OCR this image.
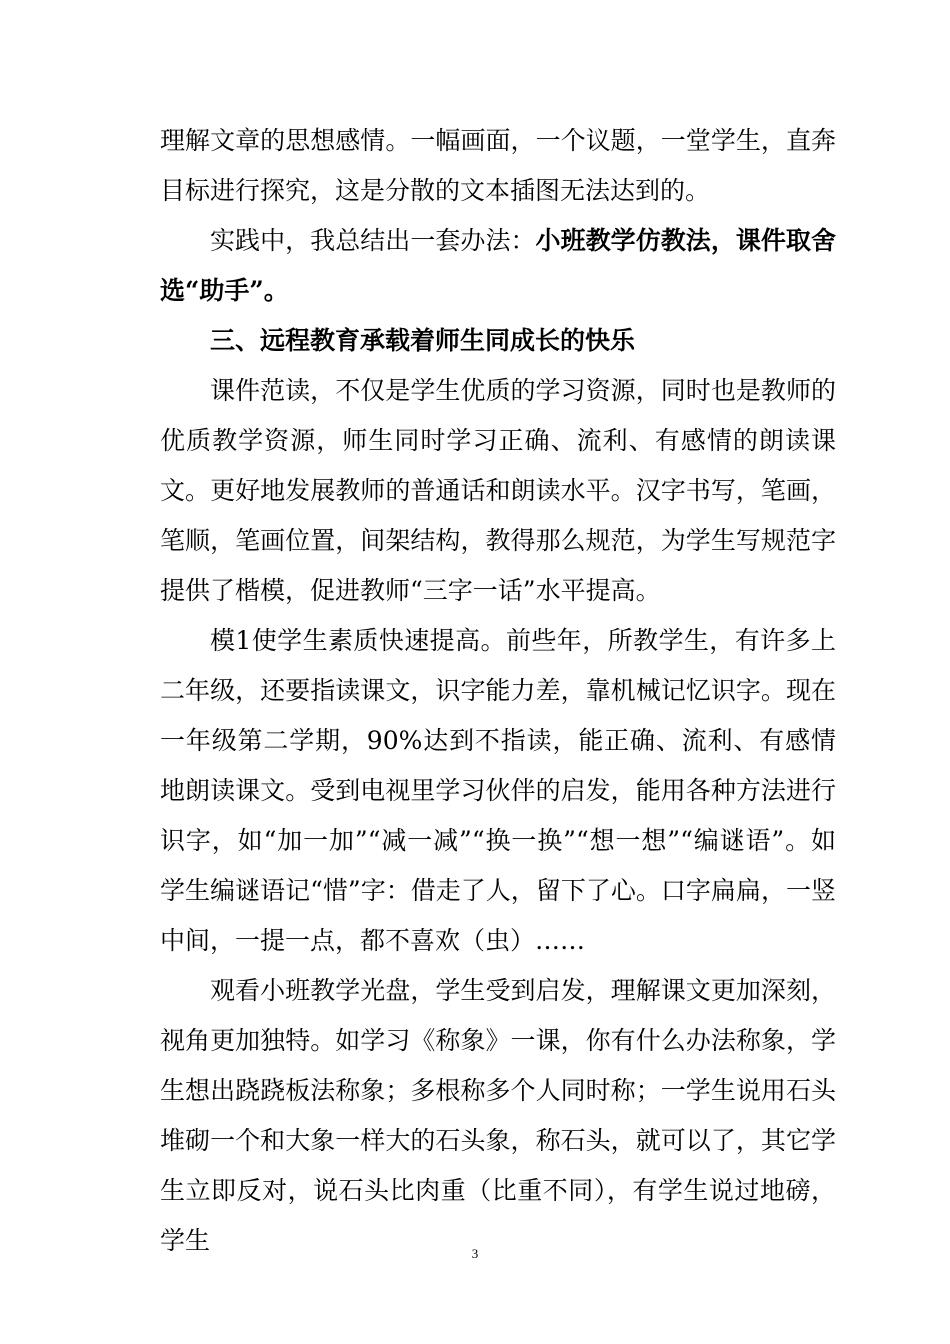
理解文章的思想感情。一幅画面，一个议题，一堂学生，直奔目标进行探究，这是分散的文本插图无法达到的。

实践中，我总结出一套办法：小班教学仿教法，课件取舍选“助手”。

三、远程教育承载着师生同成长的快乐

课件范读，不仅是学生优质的学习资源，同时也是教师的优质教学资源，师生同时学习正确、流利、有感情的朗读课文。更好地发展教师的普通话和朗读水平。汉字书写，笔画，笔顺，笔画位置，间架结构，教得那么规范，为学生写规范字提供了楷模，促进教师“三字一话”水平提高。

模1使学生素质快速提高。前些年，所教学生，有许多上二年级，还要指读课文，识字能力差，靠机械记忆识字。现在一年级第二学期，90%达到不指读，能正确、流利、有感情地朗读课文。受到电视里学习伙伴的启发，能用各种方法进行识字，如“加一加”“减一减”“换一换”“想一想”“编谜语”。如学生编谜语记“惜”字：借走了人，留下了心。口字扁扁，一竖中间，一提一点，都不喜欢（虫）……

观看小班教学光盘，学生受到启发，理解课文更加深刻，视角更加独特。如学习《称象》一课，你有什么办法称象，学生想出跷跷板法称象；多根称多个人同时称；一学生说用石头堆砌一个和大象一样大的石头象，称石头，就可以了，其它学生立即反对，说石头比肉重（比重不同），有学生说过地磅，学生	3
